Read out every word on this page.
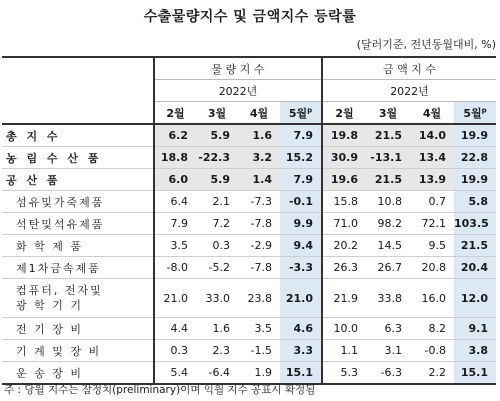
수출물량지수 및 금액지수 등락률
(달러기준, 전년동월대비, %)
	물 량 지 수				금 액 지 수			
	2022년				2022년			
	2월	3월	4월	5월$^p$	2월	3월	4월	5월$^p$
총 지 수	6.2	5.9	1.6	7.9	19.8	21.5	14.0	19.9
농 림 수 산 품	18.8	-22.3	3.2	15.2	30.9	-13.1	13.4	22.8
공 산 품	6.0	5.9	1.4	7.9	19.6	21.5	13.9	19.9
섬유및가죽제품	6.4	2.1	-7.3	-0.1	15.8	10.8	0.7	5.8
석탄및석유제품	7.9	7.2	-7.8	9.9	71.0	98.2	72.1	103.5
화 학 제 품	3.5	0.3	-2.9	9.4	20.2	14.5	9.5	21.5
제1차금속제품	-8.0	-5.2	-7.8	-3.3	26.3	26.7	20.8	20.4
컴퓨터, 전자및
광 학 기 기	21.0	33.0	23.8	21.0	21.9	33.8	16.0	12.0
전 기 장 비	4.4	1.6	3.5	4.6	10.0	6.3	8.2	9.1
기 계 및 장 비	0.3	2.3	-1.5	3.3	1.1	3.1	-0.8	3.8
운 송 장 비	5.4	-6.4	1.9	15.1	5.3	-6.3	2.2	15.1
주 : 당월 지수는 잠정치(preliminary)이며 익월 지수 공표시 확정됨
